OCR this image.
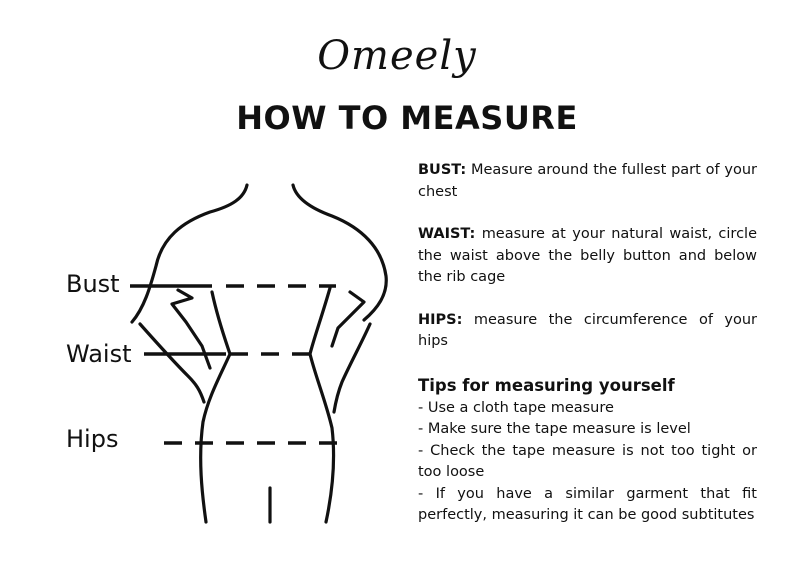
Omeely
HOW TO MEASURE
Bust
Waist
Hips

BUST: Measure around the fullest part of your chest

WAIST: measure at your natural waist, circle the waist above the belly button and below the rib cage

HIPS: measure the circumference of your hips

Tips for measuring yourself
- Use a cloth tape measure
- Make sure the tape measure is level
- Check the tape measure is not too tight or too loose
- If you have a similar garment that fit perfectly, measuring it can be good subtitutes
